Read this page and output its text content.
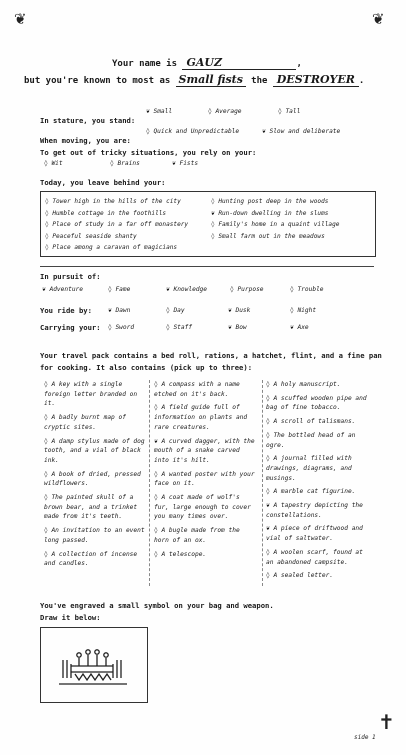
❦	❦
Your name is GAUZ	,
but you're known to most as Small fists the DESTROYER .
In stature, you stand:
❦ Small	◊ Average	◊ Tall
When moving, you are:
◊ Quick and Unpredictable	❦ Slow and deliberate
To get out of tricky situations, you rely on your:
◊ Wit	◊ Brains	❦ Fists
Today, you leave behind your:
◊ Tower high in the hills of the city
◊ Humble cottage in the foothills
◊ Place of study in a far off monastery
◊ Peaceful seaside shanty
◊ Place among a caravan of magicians
◊ Hunting post deep in the woods
❦ Run-down dwelling in the slums
◊ Family's home in a quaint village
◊ Small farm out in the meadows
In pursuit of:
❦ Adventure	◊ Fame	❦ Knowledge	◊ Purpose	◊ Trouble
You ride by:	❦ Dawn	◊ Day	❦ Dusk	◊ Night
Carrying your: ◊ Sword	◊ Staff	❦ Bow	❦ Axe
Your travel pack contains a bed roll, rations, a hatchet, flint, and a fine pan for cooking. It also contains (pick up to three):
◊ A key with a single foreign letter branded on it.
◊ A badly burnt map of cryptic sites.
◊ A damp stylus made of dog tooth, and a vial of black ink.
◊ A book of dried, pressed wildflowers.
◊ The painted skull of a brown bear, and a trinket made from it's teeth.
◊ An invitation to an event long passed.
◊ A collection of incense and candles.
◊ A compass with a name etched on it's back.
◊ A field guide full of information on plants and rare creatures.
❦ A curved dagger, with the mouth of a snake carved into it's hilt.
◊ A wanted poster with your face on it.
◊ A coat made of wolf's fur, large enough to cover you many times over.
◊ A bugle made from the horn of an ox.
◊ A telescope.
◊ A holy manuscript.
◊ A scuffed wooden pipe and bag of fine tobacco.
◊ A scroll of talismans.
◊ The bottled head of an ogre.
◊ A journal filled with drawings, diagrams, and musings.
◊ A marble cat figurine.
❦ A tapestry depicting the constellations.
❦ A piece of driftwood and vial of saltwater.
◊ A woolen scarf, found at an abandoned campsite.
◊ A sealed letter.
You've engraved a small symbol on your bag and weapon.
Draw it below:
side 1
✝
